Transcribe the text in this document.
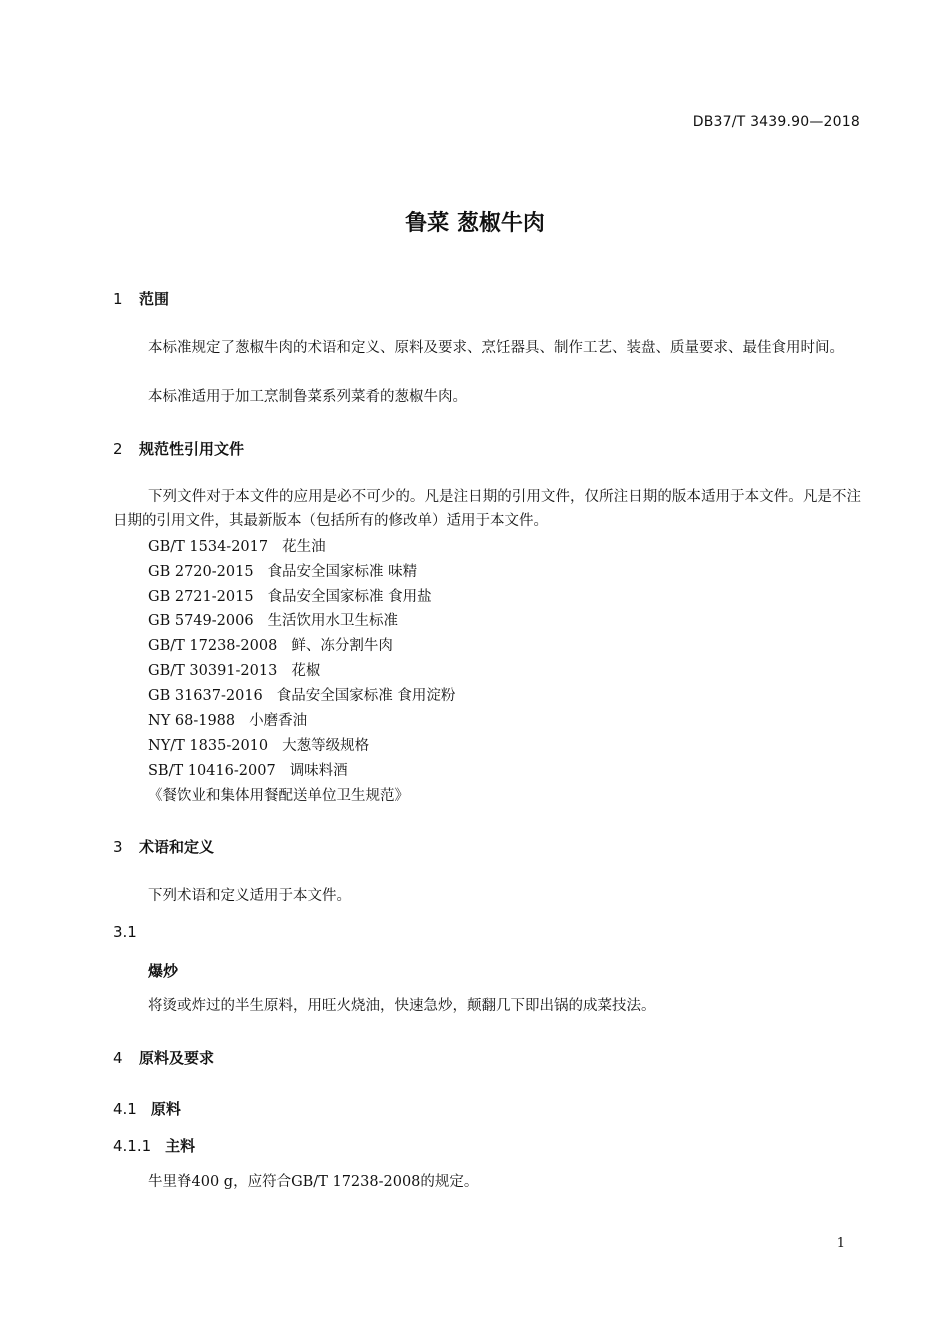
DB37/T 3439.90—2018
鲁菜 葱椒牛肉
1 范围
本标准规定了葱椒牛肉的术语和定义、原料及要求、烹饪器具、制作工艺、装盘、质量要求、最佳食用时间。
本标准适用于加工烹制鲁菜系列菜肴的葱椒牛肉。
2 规范性引用文件
下列文件对于本文件的应用是必不可少的。凡是注日期的引用文件，仅所注日期的版本适用于本文件。凡是不注日期的引用文件，其最新版本（包括所有的修改单）适用于本文件。
GB/T 1534-2017 花生油
GB 2720-2015 食品安全国家标准 味精
GB 2721-2015 食品安全国家标准 食用盐
GB 5749-2006 生活饮用水卫生标准
GB/T 17238-2008 鲜、冻分割牛肉
GB/T 30391-2013 花椒
GB 31637-2016 食品安全国家标准 食用淀粉
NY 68-1988 小磨香油
NY/T 1835-2010 大葱等级规格
SB/T 10416-2007 调味料酒
《餐饮业和集体用餐配送单位卫生规范》
3 术语和定义
下列术语和定义适用于本文件。
3.1
爆炒
将烫或炸过的半生原料，用旺火烧油，快速急炒，颠翻几下即出锅的成菜技法。
4 原料及要求
4.1 原料
4.1.1 主料
牛里脊400 g，应符合GB/T 17238-2008的规定。
1
